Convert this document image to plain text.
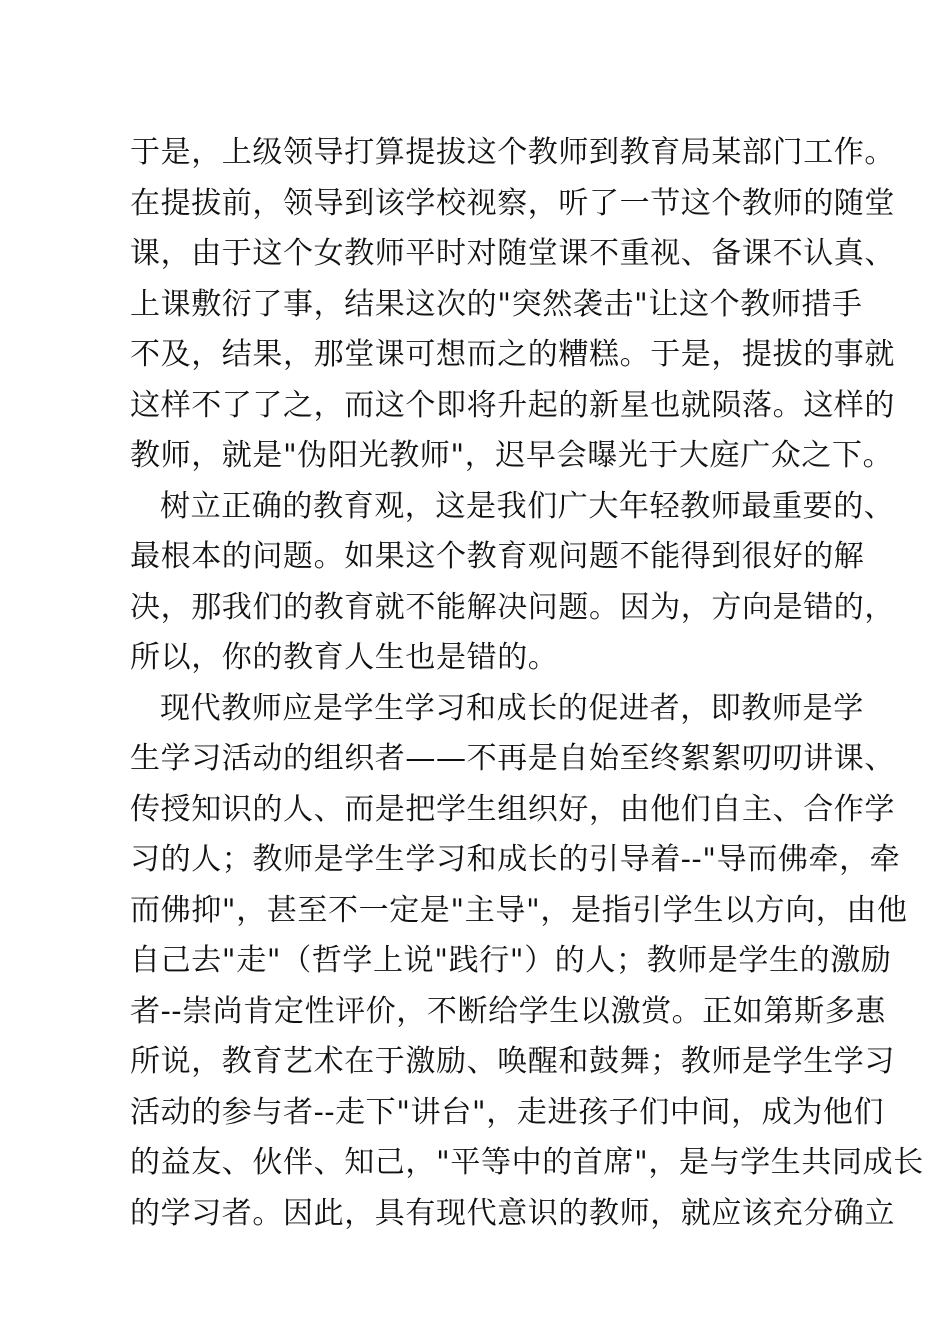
于是，上级领导打算提拔这个教师到教育局某部门工作。
在提拔前，领导到该学校视察，听了一节这个教师的随堂
课，由于这个女教师平时对随堂课不重视、备课不认真、
上课敷衍了事，结果这次的"突然袭击"让这个教师措手
不及，结果，那堂课可想而之的糟糕。于是，提拔的事就
这样不了了之，而这个即将升起的新星也就陨落。这样的
教师，就是"伪阳光教师"，迟早会曝光于大庭广众之下。
树立正确的教育观，这是我们广大年轻教师最重要的、
最根本的问题。如果这个教育观问题不能得到很好的解
决，那我们的教育就不能解决问题。因为，方向是错的，
所以，你的教育人生也是错的。
现代教师应是学生学习和成长的促进者，即教师是学
生学习活动的组织者——不再是自始至终絮絮叨叨讲课、
传授知识的人、而是把学生组织好，由他们自主、合作学
习的人；教师是学生学习和成长的引导着--"导而佛牵，牵
而佛抑"，甚至不一定是"主导"，是指引学生以方向，由他
自己去"走"（哲学上说"践行"）的人；教师是学生的激励
者--崇尚肯定性评价，不断给学生以激赏。正如第斯多惠
所说，教育艺术在于激励、唤醒和鼓舞；教师是学生学习
活动的参与者--走下"讲台"，走进孩子们中间，成为他们
的益友、伙伴、知己，"平等中的首席"，是与学生共同成长
的学习者。因此，具有现代意识的教师，就应该充分确立
